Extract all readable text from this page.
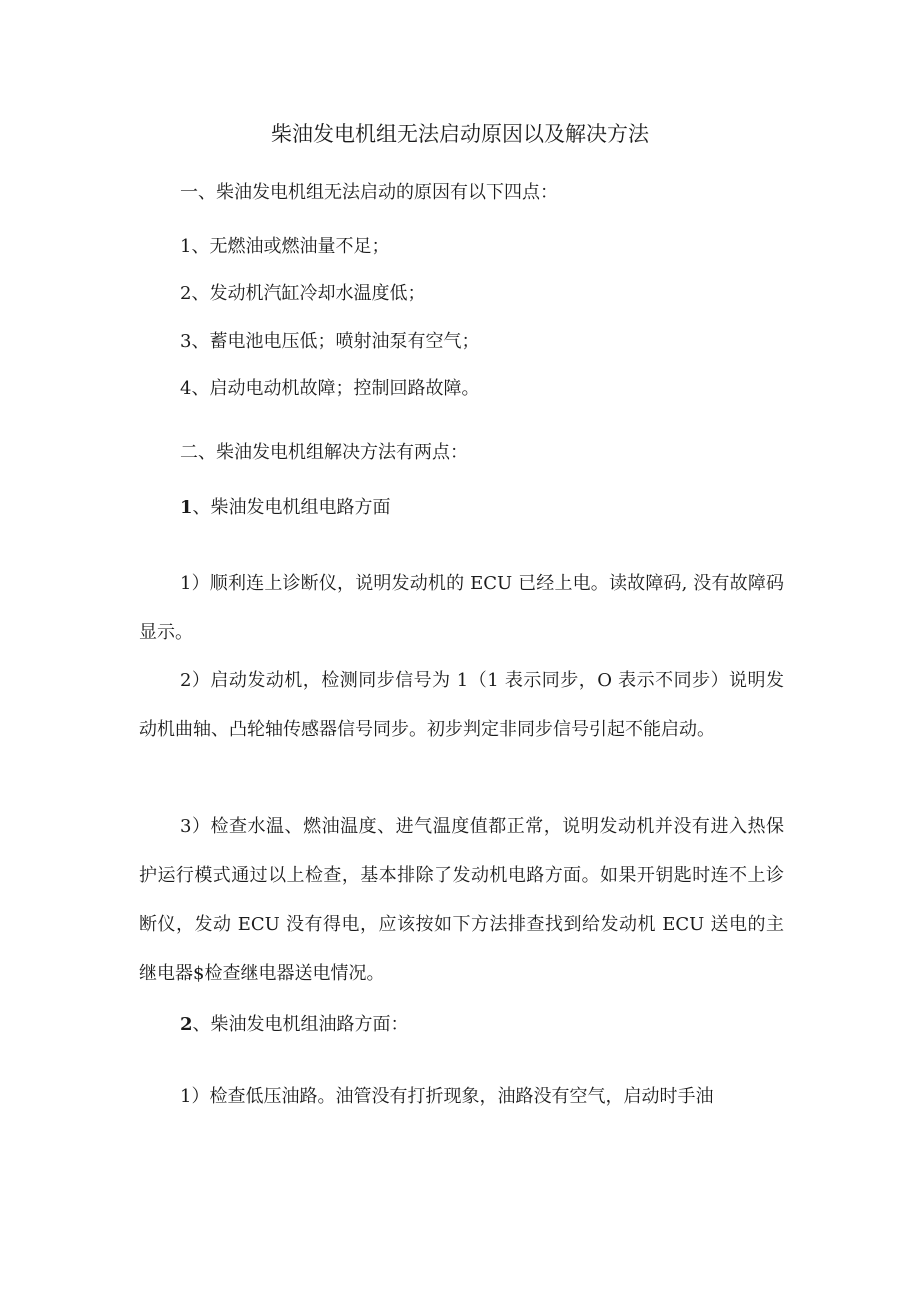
柴油发电机组无法启动原因以及解决方法
一、柴油发电机组无法启动的原因有以下四点：
1、无燃油或燃油量不足；
2、发动机汽缸冷却水温度低；
3、蓄电池电压低；喷射油泵有空气；
4、启动电动机故障；控制回路故障。
二、柴油发电机组解决方法有两点：
1、柴油发电机组电路方面
1）顺利连上诊断仪，说明发动机的 ECU 已经上电。读故障码, 没有故障码显示。
2）启动发动机，检测同步信号为 1（1 表示同步，O 表示不同步）说明发动机曲轴、凸轮轴传感器信号同步。初步判定非同步信号引起不能启动。
3）检查水温、燃油温度、进气温度值都正常，说明发动机并没有进入热保护运行模式通过以上检查，基本排除了发动机电路方面。如果开钥匙时连不上诊断仪，发动 ECU 没有得电，应该按如下方法排查找到给发动机 ECU 送电的主继电器$检查继电器送电情况。
2、柴油发电机组油路方面：
1）检查低压油路。油管没有打折现象，油路没有空气，启动时手油
